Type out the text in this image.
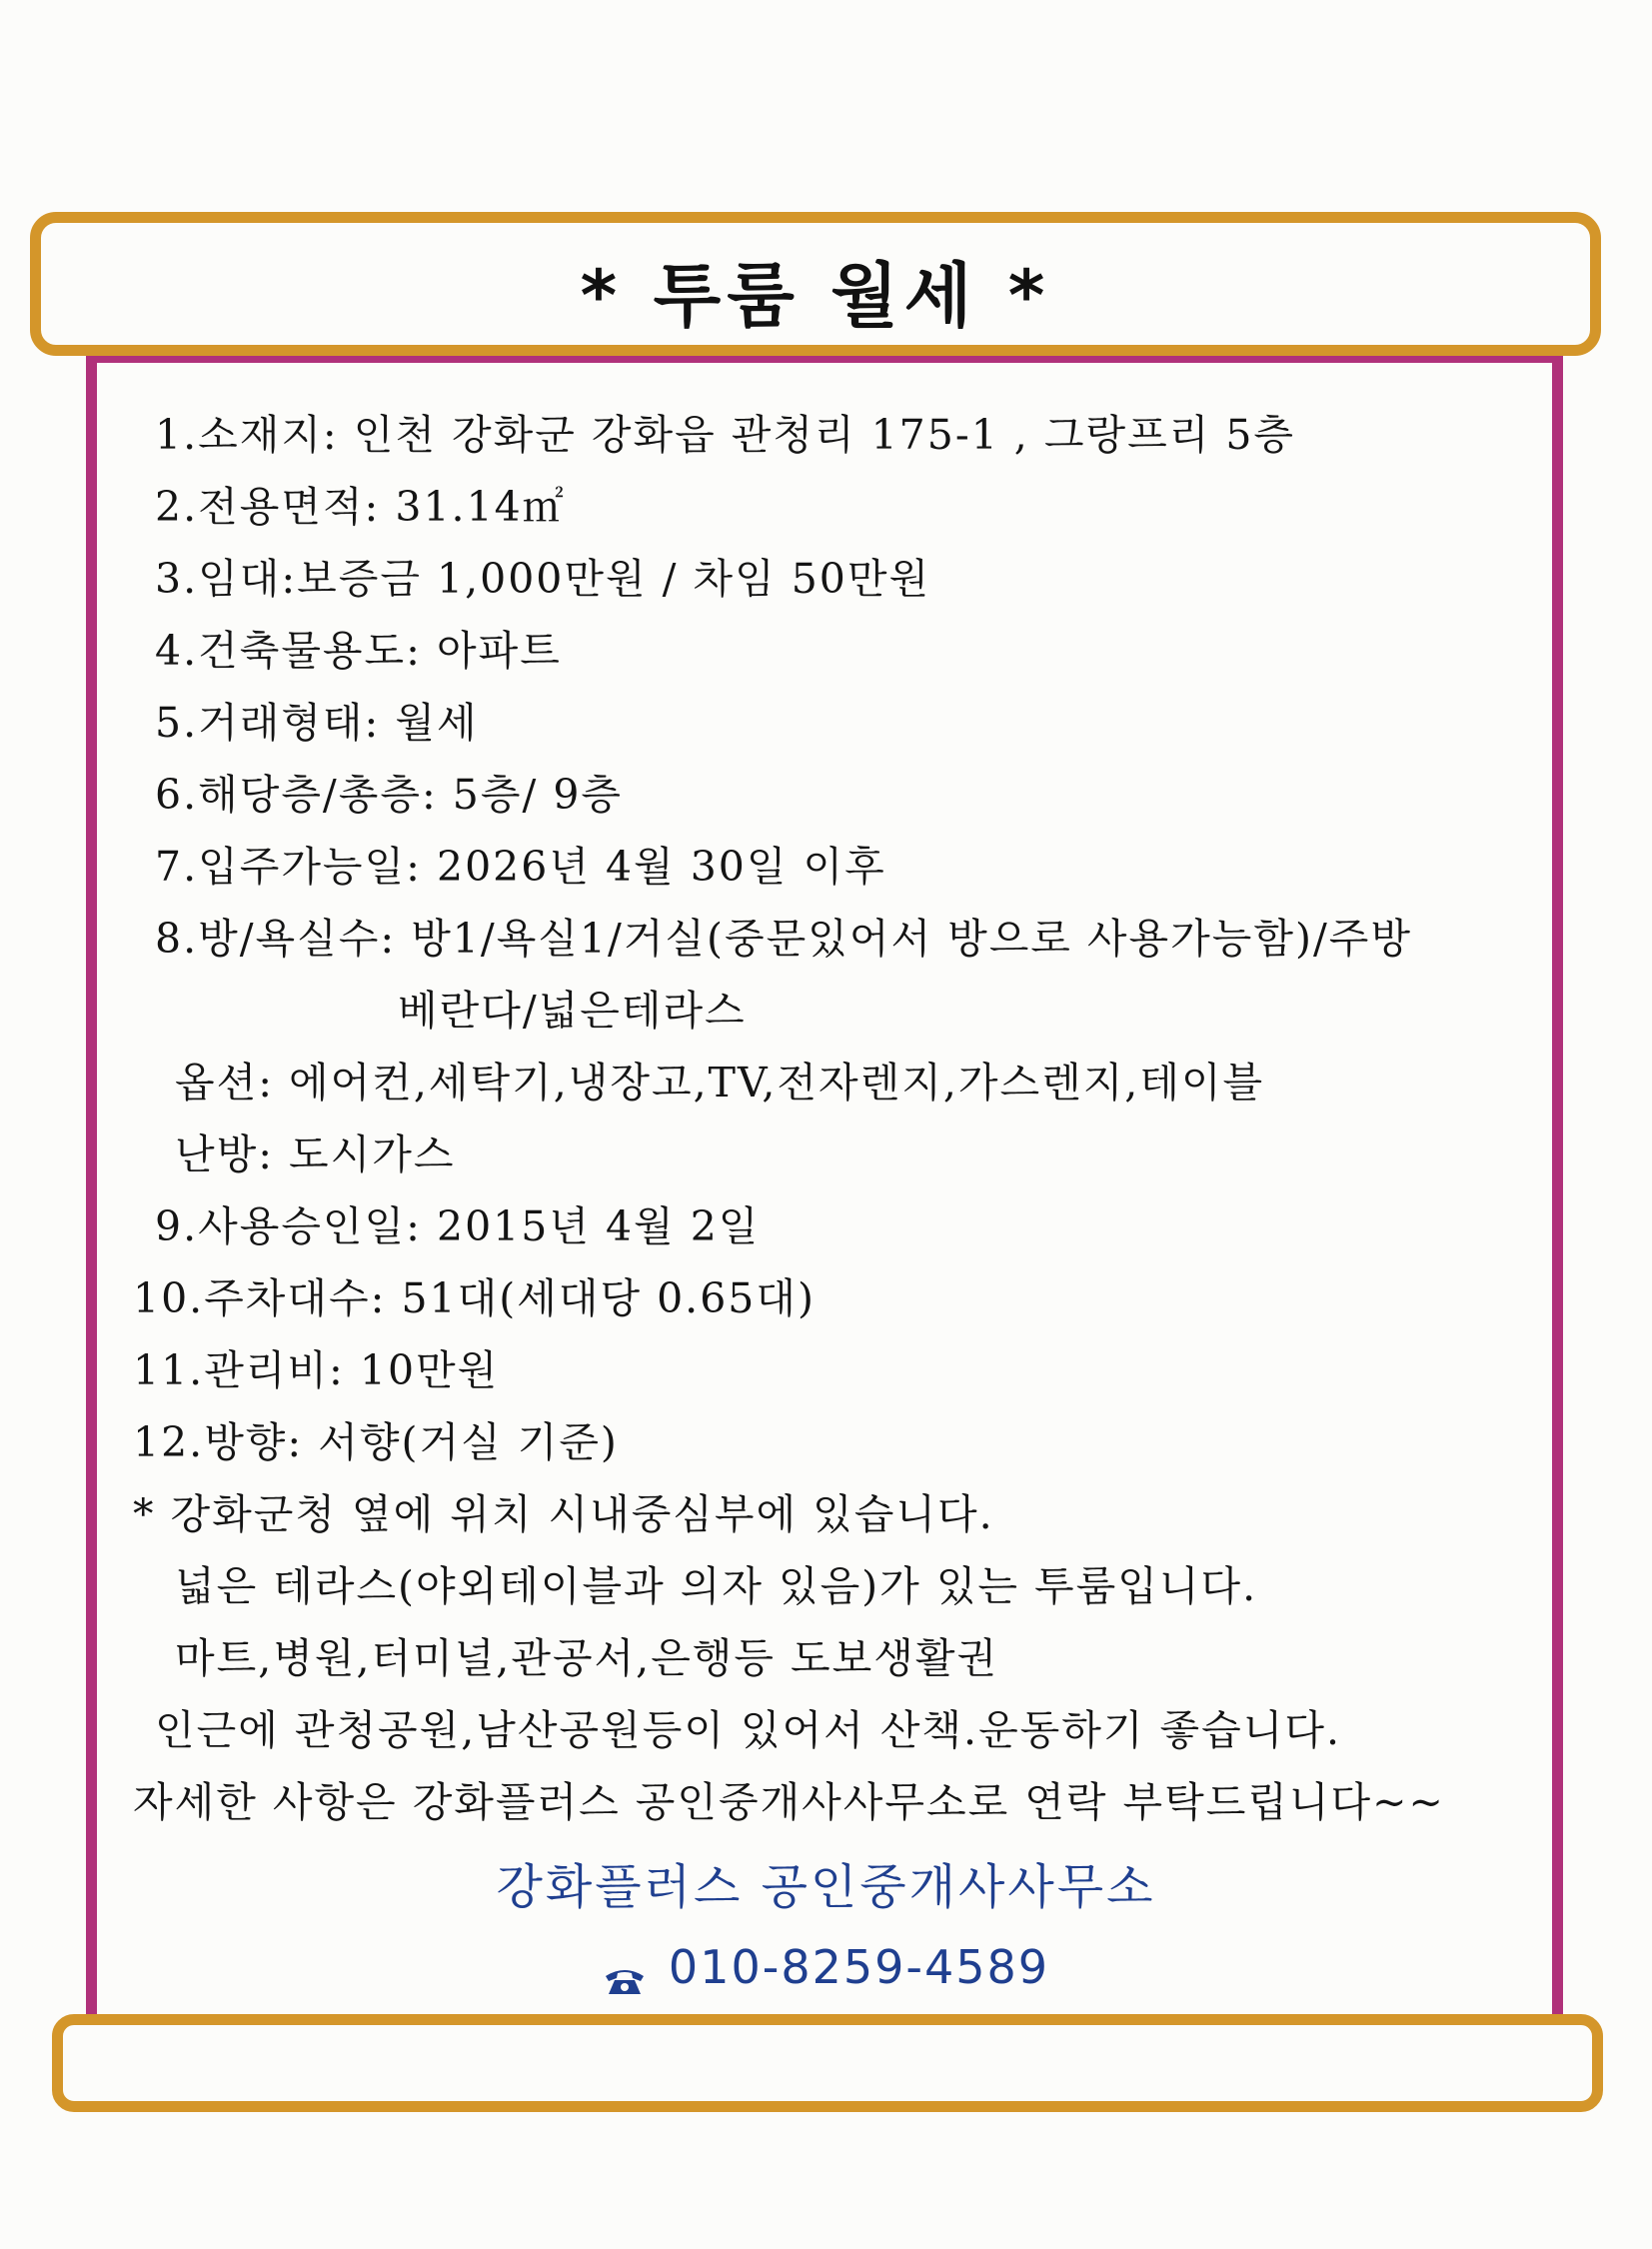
* 투룸 월세 *
1.소재지: 인천 강화군 강화읍 관청리 175-1 , 그랑프리 5층
2.전용면적: 31.14㎡
3.임대:보증금 1,000만원 / 차임 50만원
4.건축물용도: 아파트
5.거래형태: 월세
6.해당층/총층: 5층/ 9층
7.입주가능일: 2026년 4월 30일 이후
8.방/욕실수: 방1/욕실1/거실(중문있어서 방으로 사용가능함)/주방
베란다/넓은테라스
옵션: 에어컨,세탁기,냉장고,TV,전자렌지,가스렌지,테이블
난방: 도시가스
9.사용승인일: 2015년 4월 2일
10.주차대수: 51대(세대당 0.65대)
11.관리비: 10만원
12.방향: 서향(거실 기준)
* 강화군청 옆에 위치 시내중심부에 있습니다.
넓은 테라스(야외테이블과 의자 있음)가 있는 투룸입니다.
마트,병원,터미널,관공서,은행등 도보생활권
인근에 관청공원,남산공원등이 있어서 산책.운동하기 좋습니다.
자세한 사항은 강화플러스 공인중개사사무소로 연락 부탁드립니다~~
강화플러스 공인중개사사무소
010-8259-4589
